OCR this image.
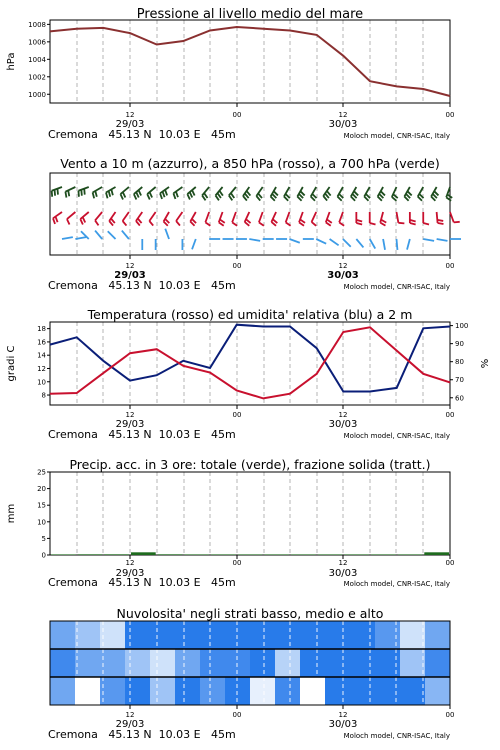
Pressione al livello medio del mare
12	00	12	00
29/03	30/03
Cremona   45.13 N  10.03 E   45m	Moloch model, CNR-ISAC, Italy
1008
1006
1004
1002
1000
hPa
Vento a 10 m (azzurro), a 850 hPa (rosso), a 700 hPa (verde)
12	00	12	00
29/03	30/03
Cremona   45.13 N  10.03 E   45m	Moloch model, CNR-ISAC, Italy
Temperatura (rosso) ed umidita' relativa (blu) a 2 m
12	00	12	00
29/03	30/03
Cremona   45.13 N  10.03 E   45m	Moloch model, CNR-ISAC, Italy
18
16
14
12
10
8
100
90
80
70
60
gradi C	%
Precip. acc. in 3 ore: totale (verde), frazione solida (tratt.)
12	00	12	00
29/03	30/03
Cremona   45.13 N  10.03 E   45m	Moloch model, CNR-ISAC, Italy
25
20
15
10
5
0
mm
Nuvolosita' negli strati basso, medio e alto
12	00	12	00
29/03	30/03
Cremona   45.13 N  10.03 E   45m	Moloch model, CNR-ISAC, Italy
